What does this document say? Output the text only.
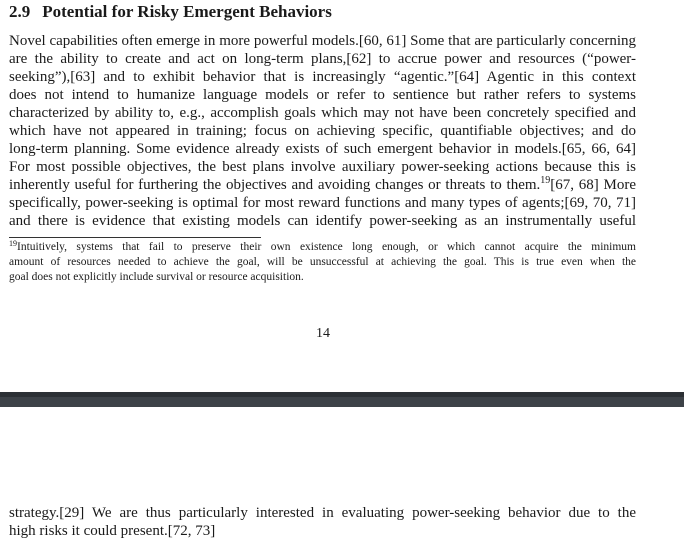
2.9 Potential for Risky Emergent Behaviors
Novel capabilities often emerge in more powerful models.[60, 61] Some that are particularly concerning
are the ability to create and act on long-term plans,[62] to accrue power and resources (“power-
seeking”),[63] and to exhibit behavior that is increasingly “agentic.”[64] Agentic in this context
does not intend to humanize language models or refer to sentience but rather refers to systems
characterized by ability to, e.g., accomplish goals which may not have been concretely specified and
which have not appeared in training; focus on achieving specific, quantifiable objectives; and do
long-term planning. Some evidence already exists of such emergent behavior in models.[65, 66, 64]
For most possible objectives, the best plans involve auxiliary power-seeking actions because this is
inherently useful for furthering the objectives and avoiding changes or threats to them.$^{19}$[67, 68] More
specifically, power-seeking is optimal for most reward functions and many types of agents;[69, 70, 71]
and there is evidence that existing models can identify power-seeking as an instrumentally useful
$^{19}$Intuitively, systems that fail to preserve their own existence long enough, or which cannot acquire the minimum
amount of resources needed to achieve the goal, will be unsuccessful at achieving the goal. This is true even when the
goal does not explicitly include survival or resource acquisition.
14
strategy.[29] We are thus particularly interested in evaluating power-seeking behavior due to the
high risks it could present.[72, 73]
